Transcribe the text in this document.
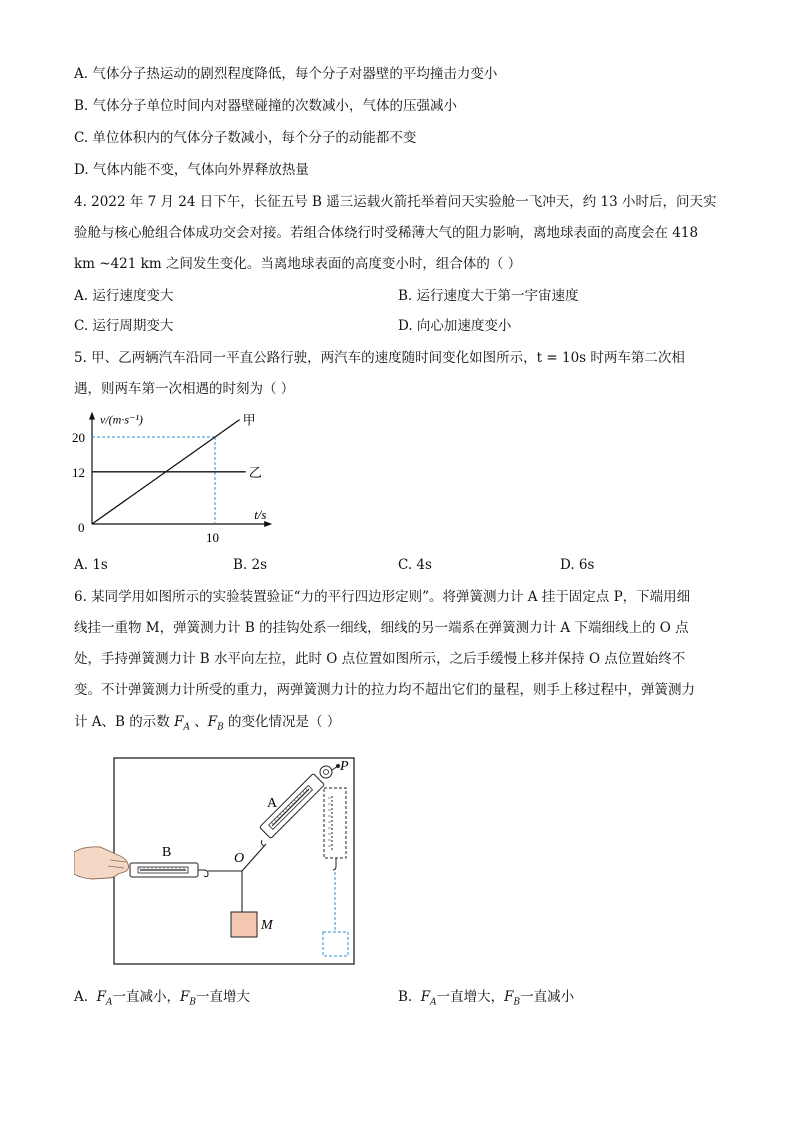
A. 气体分子热运动的剧烈程度降低，每个分子对器壁的平均撞击力变小
B. 气体分子单位时间内对器壁碰撞的次数减小，气体的压强减小
C. 单位体积内的气体分子数减小，每个分子的动能都不变
D. 气体内能不变，气体向外界释放热量
4. 2022 年 7 月 24 日下午，长征五号 B 遥三运载火箭托举着问天实验舱一飞冲天，约 13 小时后，问天实
验舱与核心舱组合体成功交会对接。若组合体绕行时受稀薄大气的阻力影响，离地球表面的高度会在 418
km ~421 km 之间发生变化。当离地球表面的高度变小时，组合体的（ ）
A. 运行速度变大	B. 运行速度大于第一宇宙速度
C. 运行周期变大	D. 向心加速度变小
5. 甲、乙两辆汽车沿同一平直公路行驶，两汽车的速度随时间变化如图所示，t = 10s 时两车第二次相
遇，则两车第一次相遇的时刻为（ ）
甲
乙
0
10
12
20
v/(m·s⁻¹)
t/s
A. 1s	B. 2s	C. 4s	D. 6s
6. 某同学用如图所示的实验装置验证“力的平行四边形定则”。将弹簧测力计 A 挂于固定点 P，下端用细
线挂一重物 M，弹簧测力计 B 的挂钩处系一细线，细线的另一端系在弹簧测力计 A 下端细线上的 O 点
处，手持弹簧测力计 B 水平向左拉，此时 O 点位置如图所示，之后手缓慢上移并保持 O 点位置始终不
变。不计弹簧测力计所受的重力，两弹簧测力计的拉力均不超出它们的量程，则手上移过程中，弹簧测力
计 A、B 的示数 $F_A$ 、$F_B$ 的变化情况是（ ）
B	O
M
A
P
A.  $F_A$一直减小，$F_B$一直增大	B.  $F_A$一直增大，$F_B$一直减小
